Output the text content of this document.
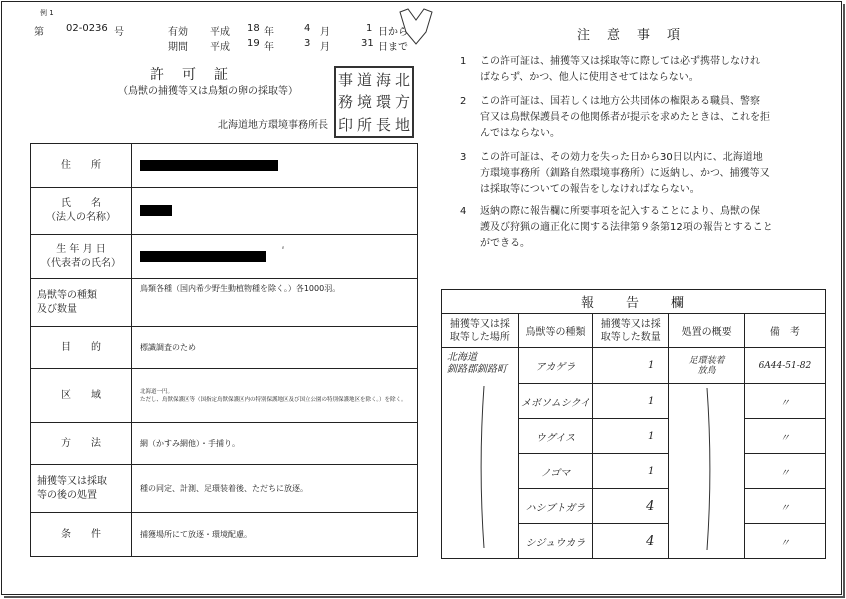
例 1
第 02-0236 号	有効
期間
平成 18 年	4 月	1 日から
平成 19 年	3 月	31 日まで
許　可　証
（鳥獣の捕獲等又は鳥類の卵の採取等）
北海道地方環境事務所長
事 道 海 北
務 境 環 方
印 所 長 地
住　　所	
氏　　名
（法人の名称）	
生 年 月 日
（代表者の氏名）	
鳥獣等の種類
及び数量	鳥類各種（国内希少野生動植物種を除く。）各1000羽。
目　　的	標識調査のため
区　　域	北海道一円。
ただし、鳥獣保護区等（国指定鳥獣保護区内の特別保護地区及び国立公園の特別保護地区を除く。）を除く。
方　　法	網（かすみ網他）・手捕り。
捕獲等又は採取
等の後の処置	種の同定、計測、足環装着後、ただちに放逐。
条　　件	捕獲場所にて放逐・環境配慮。
ﾟ
注　意　事　項
1 この許可証は、捕獲等又は採取等に際しては必ず携帯しなけれ
ばならず、かつ、他人に使用させてはならない。
2 この許可証は、国若しくは地方公共団体の権限ある職員、警察
官又は鳥獣保護員その他関係者が提示を求めたときは、これを拒
んではならない。
3 この許可証は、その効力を失った日から30日以内に、北海道地
方環境事務所（釧路自然環境事務所）に返納し、かつ、捕獲等又
は採取等についての報告をしなければならない。
4 返納の際に報告欄に所要事項を記入することにより、鳥獣の保
護及び狩猟の適正化に関する法律第９条第12項の報告とすること
ができる。
報　　告　　欄				
捕獲等又は採
取等した場所	鳥獣等の種類	捕獲等又は採
取等した数量	処置の概要	備　考

北海道
釧路郡釧路町	アカゲラ	1	足環装着
放鳥	6A44-51-82
	メボソムシクイ	1		〃
	ウグイス	1		〃
	ノゴマ	1		〃
	ハシブトガラ	4		〃
	シジュウカラ	4		〃
